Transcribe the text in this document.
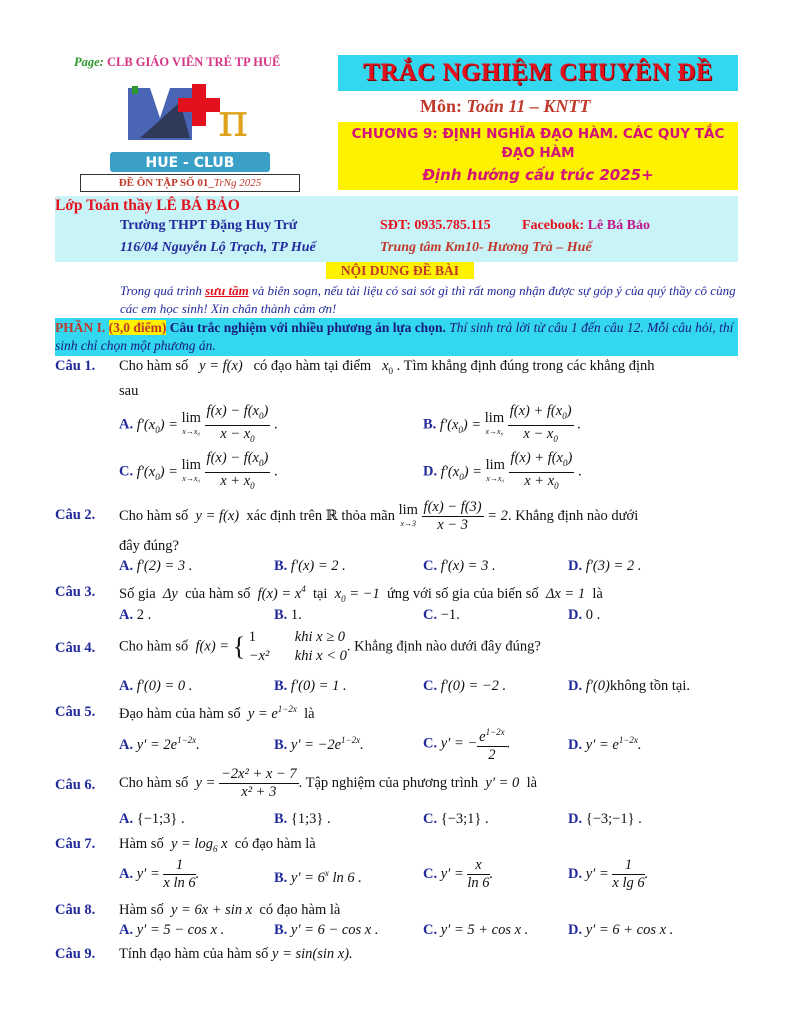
Page: CLB GIÁO VIÊN TRẺ TP HUẾ
π
HUE - CLUB
ĐỀ ÔN TẬP SỐ 01_TrNg 2025
TRẮC NGHIỆM CHUYÊN ĐỀ
Môn: Toán 11 – KNTT
CHƯƠNG 9: ĐỊNH NGHĨA ĐẠO HÀM. CÁC QUY TẮC ĐẠO HÀM
Định hướng cấu trúc 2025+
Lớp Toán thầy LÊ BÁ BẢO
Trường THPT Đặng Huy Trứ	SĐT: 0935.785.115 Facebook: Lê Bá Bảo
116/04 Nguyễn Lộ Trạch, TP Huế	Trung tâm Km10- Hương Trà – Huế
NỘI DUNG ĐỀ BÀI
Trong quá trình sưu tầm và biên soạn, nếu tài liệu có sai sót gì thì rất mong nhận được sự góp ý của quý thầy cô cùng các em học sinh! Xin chân thành cảm ơn!
PHẦN I. (3,0 điểm) Câu trắc nghiệm với nhiều phương án lựa chọn. Thí sinh trả lời từ câu 1 đến câu 12. Mỗi câu hỏi, thí sinh chỉ chọn một phương án.
Câu 1. Cho hàm số   y = f(x)   có đạo hàm tại điểm   $x_0$ . Tìm khẳng định đúng trong các khẳng định
sau
A. $f'(x_0) = \lim$
x→x₀
$\frac{f(x) - f(x_0)}{x - x_0}$ .	B. $f'(x_0) = \lim$
x→x₀
$\frac{f(x) + f(x_0)}{x - x_0}$ .
C. $f'(x_0) = \lim$
x→x₀
$\frac{f(x) - f(x_0)}{x + x_0}$ .	D. $f'(x_0) = \lim$
x→x₀
$\frac{f(x) + f(x_0)}{x + x_0}$ .
Câu 2. Cho hàm số  y = f(x)  xác định trên ℝ thỏa mãn lim
x→3
$\frac{f(x) - f(3)}{x - 3} = 2$. Khẳng định nào dưới
đây đúng?
A. f′(2) = 3 .	B. f′(x) = 2 .	C. f′(x) = 3 .	D. f′(3) = 2 .
Câu 3. Số gia  Δy  của hàm số  $f(x) = x^4$ tại  $x_0 = -1$  ứng với số gia của biến số  Δx = 1  là
A. 2 .	B. 1.	C. −1.	D. 0 .
Câu 4. Cho hàm số  f(x) = { 1	khi x ≥ 0
−x² khi x < 0
. Khẳng định nào dưới đây đúng?
A. f′(0) = 0 .	B. f′(0) = 1 .	C. f′(0) = −2 .	D. f′(0)không tồn tại.
Câu 5. Đạo hàm của hàm số  $y = e^{1-2x}$ là
A. $y' = 2e^{1-2x}$.	B. $y' = -2e^{1-2x}$.	C. y′ = − $\frac{e^{1-2x}}{2}$ .	D. $y' = e^{1-2x}$.
Câu 6. Cho hàm số  $y = \frac{\text{−2x² + x − 7}}{\text{x² + 3}}$ . Tập nghiệm của phương trình  y′ = 0  là
A. {−1;3} .	B. {1;3} .	C. {−3;1} .	D. {−3;−1} .
Câu 7. Hàm số  $y = \log_6 x$  có đạo hàm là
A. $y' = \frac{1}{\text{x ln 6}}$ .	B. $y' = 6^x$ ln 6 .	C. $y' = \frac{x}{\ln 6}$ .	D. $y' = \frac{1}{\text{x lg 6}}$ .
Câu 8. Hàm số  y = 6x + sin x  có đạo hàm là
A. y′ = 5 − cos x .	B. y′ = 6 − cos x .	C. y′ = 5 + cos x .	D. y′ = 6 + cos x .
Câu 9. Tính đạo hàm của hàm số y = sin(sin x).
